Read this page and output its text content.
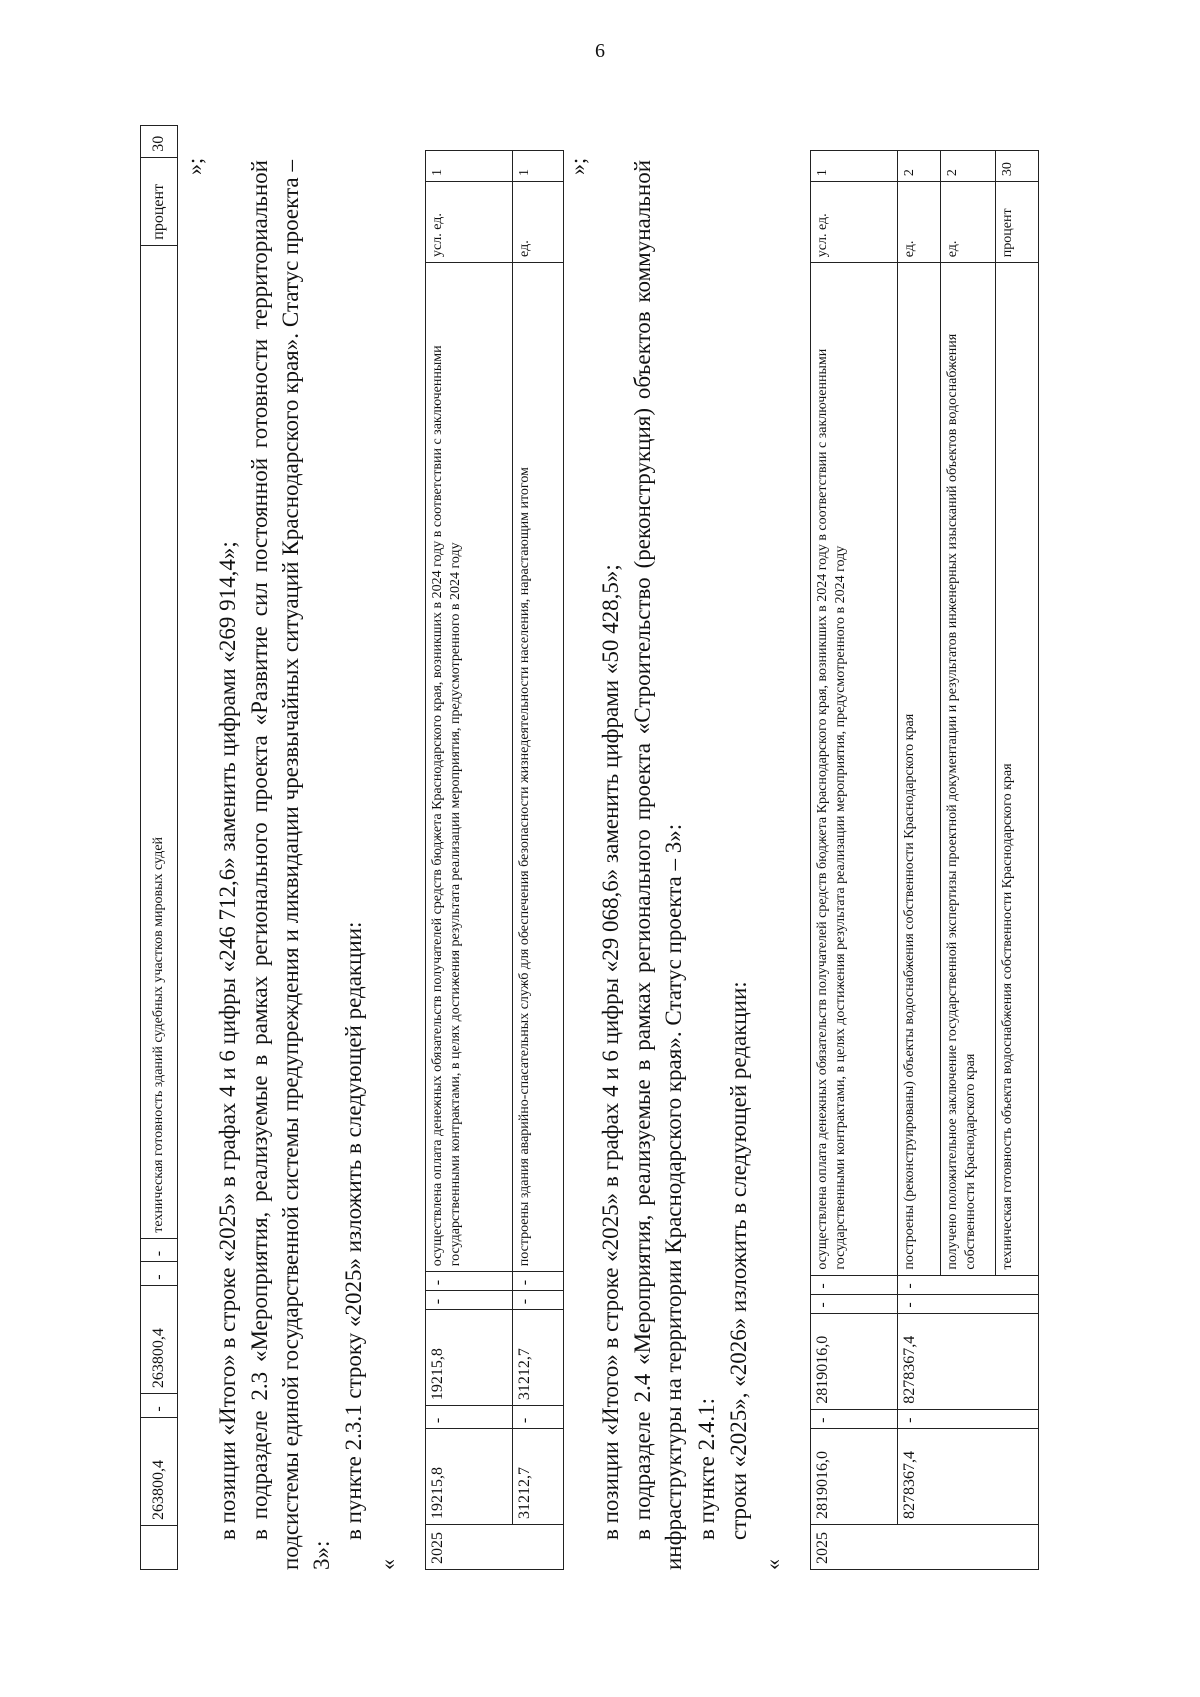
6
	263800,4	-	263800,4	-	-	техническая готовность зданий судебных участков мировых судей	процент	30
»;
в позиции «Итого» в строке «2025» в графах 4 и 6 цифры «246 712,6» заменить цифрами «269 914,4»; в подразделе 2.3 «Мероприятия, реализуемые в рамках регионального проекта «Развитие сил постоянной готовности территориальной подсистемы единой государственной системы предупреждения и ликвидации чрезвычайных ситуаций Краснодарского края». Статус проекта – 3»:
в пункте 2.3.1 строку «2025» изложить в следующей редакции:
«
2025	19215,8	-	19215,8	-	-	осуществлена оплата денежных обязательств получателей средств бюджета Краснодарского края, возникших в 2024 году в соответствии с заключенными государственными контрактами, в целях достижения результата реализации мероприятия, предусмотренного в 2024 году	усл. ед.	1
	31212,7	-	31212,7	-	-	построены здания аварийно-спасательных служб для обеспечения безопасности жизнедеятельности населения, нарастающим итогом	ед.	1 »;
в позиции «Итого» в строке «2025» в графах 4 и 6 цифры «29 068,6» заменить цифрами «50 428,5»; в подразделе 2.4 «Мероприятия, реализуемые в рамках регионального проекта «Строительство (реконструкция) объектов коммунальной инфраструктуры на территории Краснодарского края». Статус проекта – 3»: в пункте 2.4.1: строки «2025», «2026» изложить в следующей редакции:
«
2025	2819016,0	-	2819016,0	-	-	осуществлена оплата денежных обязательств получателей средств бюджета Краснодарского края, возникших в 2024 году в соответствии с заключенными государственными контрактами, в целях достижения результата реализации мероприятия, предусмотренного в 2024 году	усл. ед.	1
	8278367,4	-	8278367,4	-	-	построены (реконструированы) объекты водоснабжения собственности Краснодарского края	ед.	2
						получено положительное заключение государственной экспертизы проектной документации и результатов инженерных изысканий объектов водоснабжения собственности Краснодарского края	ед.	2
						техническая готовность объекта водоснабжения собственности Краснодарского края	процент	30
